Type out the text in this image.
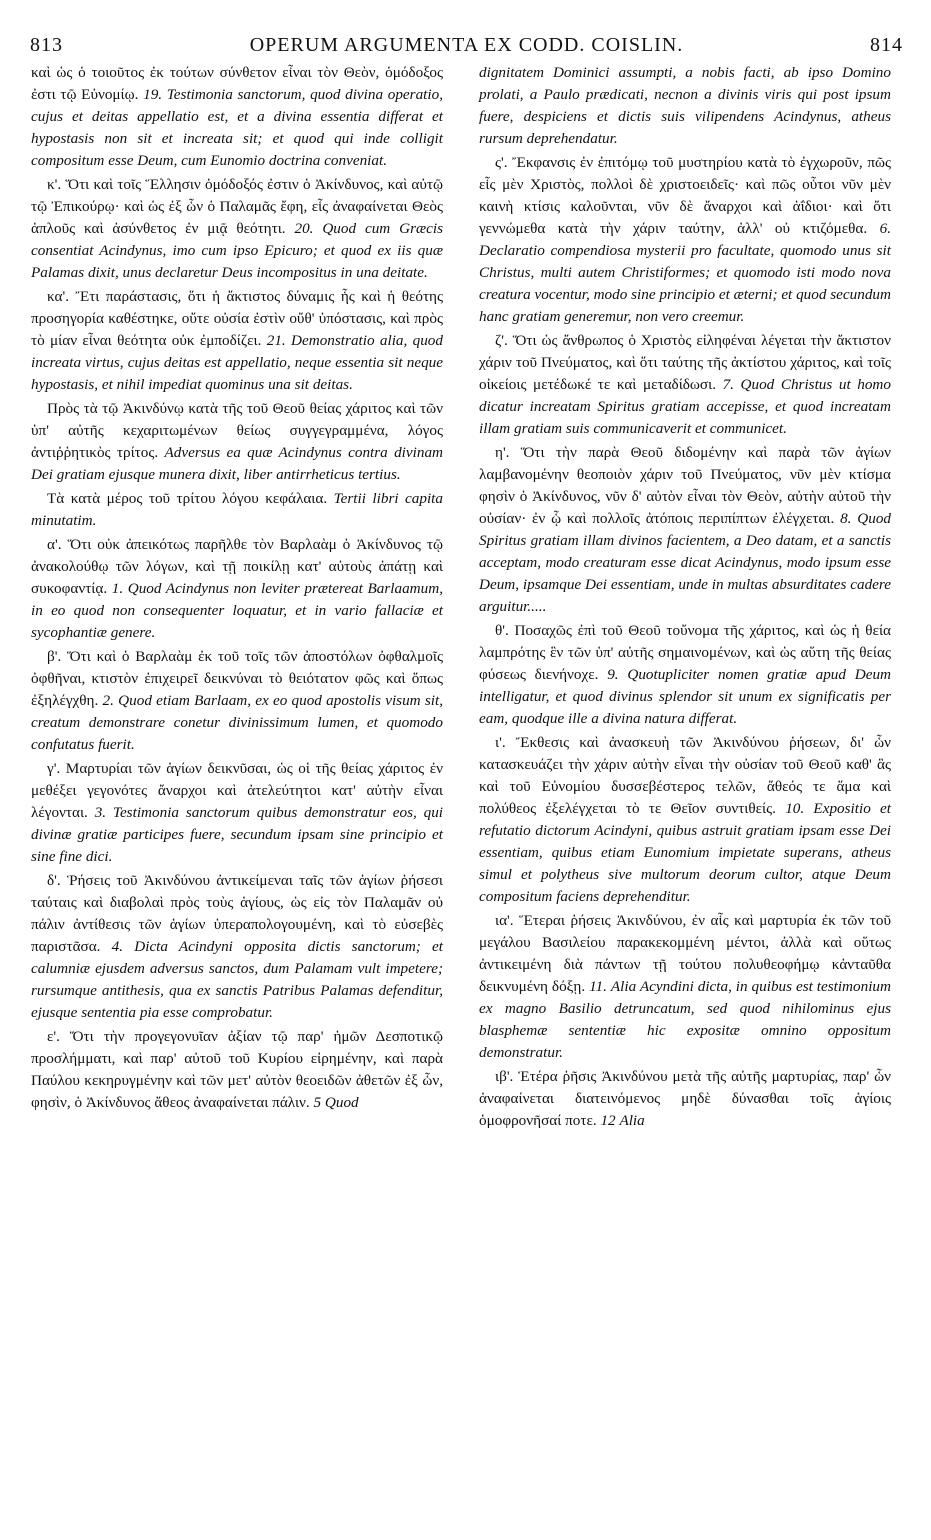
813	OPERUM ARGUMENTA EX CODD. COISLIN.	814

καὶ ὡς ὁ τοιοῦτος ἐκ τούτων σύνθετον εἶναι τὸν Θεὸν, ὁμόδοξος ἐστι τῷ Εὐνομίῳ. 19. Testimonia sanctorum, quod divina operatio, cujus et deitas appellatio est, et a divina essentia differat et hypostasis non sit et increata sit; et quod qui inde colligit compositum esse Deum, cum Eunomio doctrina conveniat.

κ'. Ὅτι καὶ τοῖς Ἕλλησιν ὁμόδοξός ἐστιν ὁ Ἀκίνδυνος, καὶ αὐτῷ τῷ Ἐπικούρῳ· καὶ ὡς ἐξ ὧν ὁ Παλαμᾶς ἔφη, εἷς ἀναφαίνεται Θεὸς ἁπλοῦς καὶ ἀσύνθετος ἐν μιᾷ θεότητι. 20. Quod cum Græcis consentiat Acindynus, imo cum ipso Epicuro; et quod ex iis quæ Palamas dixit, unus declaretur Deus incompositus in una deitate.

κα'. Ἔτι παράστασις, ὅτι ἡ ἄκτιστος δύναμις ἧς καὶ ἡ θεότης προσηγορία καθέστηκε, οὔτε οὐσία ἐστὶν οὔθ' ὑπόστασις, καὶ πρὸς τὸ μίαν εἶναι θεότητα οὐκ ἐμποδίζει. 21. Demonstratio alia, quod increata virtus, cujus deitas est appellatio, neque essentia sit neque hypostasis, et nihil impediat quominus una sit deitas.

Πρὸς τὰ τῷ Ἀκινδύνῳ κατὰ τῆς τοῦ Θεοῦ θείας χάριτος καὶ τῶν ὑπ' αὐτῆς κεχαριτωμένων θείως συγγεγραμμένα, λόγος ἀντιῤῥητικὸς τρίτος. Adversus ea quæ Acindynus contra divinam Dei gratiam ejusque munera dixit, liber antirrheticus tertius.

Τὰ κατὰ μέρος τοῦ τρίτου λόγου κεφάλαια. Tertii libri capita minutatim.

α'. Ὅτι οὐκ ἀπεικότως παρῆλθε τὸν Βαρλαὰμ ὁ Ἀκίνδυνος τῷ ἀνακολούθῳ τῶν λόγων, καὶ τῇ ποικίλῃ κατ' αὐτοὺς ἀπάτῃ καὶ συκοφαντίᾳ. 1. Quod Acindynus non leviter prætereat Barlaamum, in eo quod non consequenter loquatur, et in vario fallaciæ et sycophantiæ genere.

β'. Ὅτι καὶ ὁ Βαρλαὰμ ἐκ τοῦ τοῖς τῶν ἀποστόλων ὀφθαλμοῖς ὀφθῆναι, κτιστὸν ἐπιχειρεῖ δεικνύναι τὸ θειότατον φῶς καὶ ὅπως ἐξηλέγχθη. 2. Quod etiam Barlaam, ex eo quod apostolis visum sit, creatum demonstrare conetur divinissimum lumen, et quomodo confutatus fuerit.

γ'. Μαρτυρίαι τῶν ἁγίων δεικνῦσαι, ὡς οἱ τῆς θείας χάριτος ἐν μεθέξει γεγονότες ἄναρχοι καὶ ἀτελεύτητοι κατ' αὐτὴν εἶναι λέγονται. 3. Testimonia sanctorum quibus demonstratur eos, qui divinæ gratiæ participes fuere, secundum ipsam sine principio et sine fine dici.

δ'. Ῥήσεις τοῦ Ἀκινδύνου ἀντικείμεναι ταῖς τῶν ἁγίων ῥήσεσι ταύταις καὶ διαβολαὶ πρὸς τοὺς ἁγίους, ὡς εἰς τὸν Παλαμᾶν οὐ πάλιν ἀντίθεσις τῶν ἁγίων ὑπεραπολογουμένη, καὶ τὸ εὐσεβὲς παριστᾶσα. 4. Dicta Acindyni opposita dictis sanctorum; et calumniæ ejusdem adversus sanctos, dum Palamam vult impetere; rursumque antithesis, qua ex sanctis Patribus Palamas defenditur, ejusque sententia pia esse comprobatur.

ε'. Ὅτι τὴν προγεγονυῖαν ἀξίαν τῷ παρ' ἡμῶν Δεσποτικῷ προσλήμματι, καὶ παρ' αὐτοῦ τοῦ Κυρίου εἰρημένην, καὶ παρὰ Παύλου κεκηρυγμένην καὶ τῶν μετ' αὐτὸν θεοειδῶν ἀθετῶν ἐξ ὧν, φησὶν, ὁ Ἀκίνδυνος ἄθεος ἀναφαίνεται πάλιν. 5 Quod

dignitatem Dominici assumpti, a nobis facti, ab ipso Domino prolati, a Paulo prædicati, necnon a divinis viris qui post ipsum fuere, despiciens et dictis suis vilipendens Acindynus, atheus rursum deprehendatur.

ς'. Ἔκφανσις ἐν ἐπιτόμῳ τοῦ μυστηρίου κατὰ τὸ ἐγχωροῦν, πῶς εἷς μὲν Χριστὸς, πολλοὶ δὲ χριστοειδεῖς· καὶ πῶς οὗτοι νῦν μὲν καινὴ κτίσις καλοῦνται, νῦν δὲ ἄναρχοι καὶ ἀΐδιοι· καὶ ὅτι γεννώμεθα κατὰ τὴν χάριν ταύτην, ἀλλ' οὐ κτιζόμεθα. 6. Declaratio compendiosa mysterii pro facultate, quomodo unus sit Christus, multi autem Christiformes; et quomodo isti modo nova creatura vocentur, modo sine principio et æterni; et quod secundum hanc gratiam generemur, non vero creemur.

ζ'. Ὅτι ὡς ἄνθρωπος ὁ Χριστὸς εἰληφέναι λέγεται τὴν ἄκτιστον χάριν τοῦ Πνεύματος, καὶ ὅτι ταύτης τῆς ἀκτίστου χάριτος, καὶ τοῖς οἰκείοις μετέδωκέ τε καὶ μεταδίδωσι. 7. Quod Christus ut homo dicatur increatam Spiritus gratiam accepisse, et quod increatam illam gratiam suis communicaverit et communicet.

η'. Ὅτι τὴν παρὰ Θεοῦ διδομένην καὶ παρὰ τῶν ἁγίων λαμβανομένην θεοποιὸν χάριν τοῦ Πνεύματος, νῦν μὲν κτίσμα φησὶν ὁ Ἀκίνδυνος, νῦν δ' αὐτὸν εἶναι τὸν Θεὸν, αὐτὴν αὐτοῦ τὴν οὐσίαν· ἐν ᾧ καὶ πολλοῖς ἀτόποις περιπίπτων ἐλέγχεται. 8. Quod Spiritus gratiam illam divinos facientem, a Deo datam, et a sanctis acceptam, modo creaturam esse dicat Acindynus, modo ipsum esse Deum, ipsamque Dei essentiam, unde in multas absurditates cadere arguitur.....

θ'. Ποσαχῶς ἐπὶ τοῦ Θεοῦ τοὔνομα τῆς χάριτος, καὶ ὡς ἡ θεία λαμπρότης ἓν τῶν ὑπ' αὐτῆς σημαινομένων, καὶ ὡς αὕτη τῆς θείας φύσεως διενήνοχε. 9. Quotupliciter nomen gratiæ apud Deum intelligatur, et quod divinus splendor sit unum ex significatis per eam, quodque ille a divina natura differat.

ι'. Ἔκθεσις καὶ ἀνασκευὴ τῶν Ἀκινδύνου ῥήσεων, δι' ὧν κατασκευάζει τὴν χάριν αὐτὴν εἶναι τὴν οὐσίαν τοῦ Θεοῦ καθ' ἃς καὶ τοῦ Εὐνομίου δυσσεβέστερος τελῶν, ἄθεός τε ἅμα καὶ πολύθεος ἐξελέγχεται τὸ τε Θεῖον συντιθείς. 10. Expositio et refutatio dictorum Acindyni, quibus astruit gratiam ipsam esse Dei essentiam, quibus etiam Eunomium impietate superans, atheus simul et polytheus sive multorum deorum cultor, atque Deum compositum faciens deprehenditur.

ια'. Ἕτεραι ῥήσεις Ἀκινδύνου, ἐν αἷς καὶ μαρτυρία ἐκ τῶν τοῦ μεγάλου Βασιλείου παρακεκομμένη μέντοι, ἀλλὰ καὶ οὕτως ἀντικειμένη διὰ πάντων τῇ τούτου πολυθεοφήμῳ κἀνταῦθα δεικνυμένη δόξῃ. 11. Alia Acyndini dicta, in quibus est testimonium ex magno Basilio detruncatum, sed quod nihilominus ejus blasphemæ sententiæ hic expositæ omnino oppositum demonstratur.

ιβ'. Ἑτέρα ῥῆσις Ἀκινδύνου μετὰ τῆς αὐτῆς μαρτυρίας, παρ' ὧν ἀναφαίνεται διατεινόμενος μηδὲ δύνασθαι τοῖς ἁγίοις ὁμοφρονῆσαί ποτε. 12 Alia
